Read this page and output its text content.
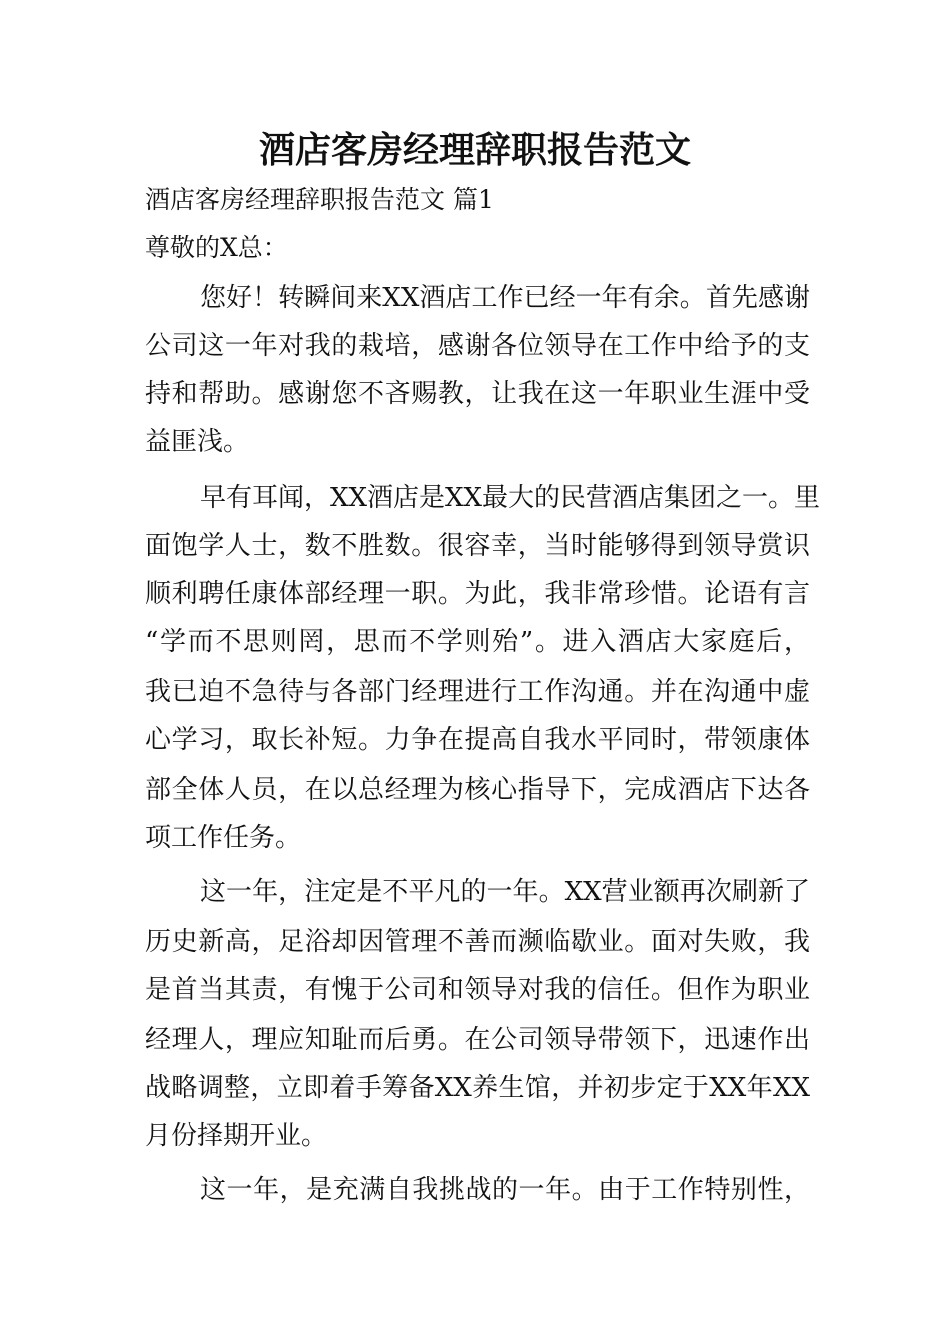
酒店客房经理辞职报告范文
酒店客房经理辞职报告范文 篇1
尊敬的X总：
您好！转瞬间来XX酒店工作已经一年有余。首先感谢
公司这一年对我的栽培，感谢各位领导在工作中给予的支
持和帮助。感谢您不吝赐教，让我在这一年职业生涯中受
益匪浅。
早有耳闻，XX酒店是XX最大的民营酒店集团之一。里
面饱学人士，数不胜数。很容幸，当时能够得到领导赏识
顺利聘任康体部经理一职。为此，我非常珍惜。论语有言
“学而不思则罔，思而不学则殆”。进入酒店大家庭后，
我已迫不急待与各部门经理进行工作沟通。并在沟通中虚
心学习，取长补短。力争在提高自我水平同时，带领康体
部全体人员，在以总经理为核心指导下，完成酒店下达各
项工作任务。
这一年，注定是不平凡的一年。XX营业额再次刷新了
历史新高，足浴却因管理不善而濒临歇业。面对失败，我
是首当其责，有愧于公司和领导对我的信任。但作为职业
经理人，理应知耻而后勇。在公司领导带领下，迅速作出
战略调整，立即着手筹备XX养生馆，并初步定于XX年XX
月份择期开业。
这一年，是充满自我挑战的一年。由于工作特别性，
